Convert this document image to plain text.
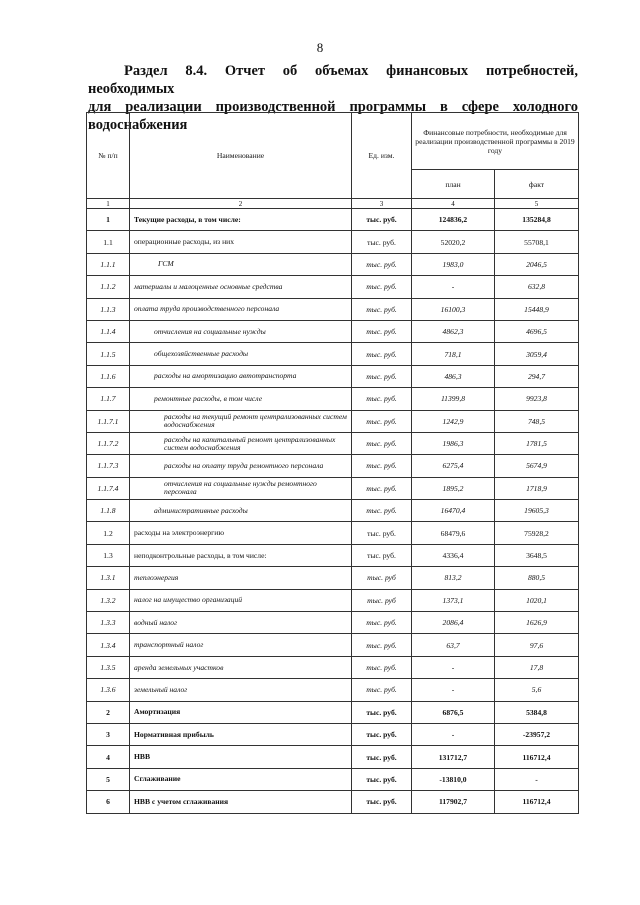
8
Раздел 8.4. Отчет об объемах финансовых потребностей, необходимых
для реализации производственной программы в сфере холодного
водоснабжения
№ п/п	Наименование	Ед. изм.	Финансовые потребности, необходимые для реализации производственной программы в 2019 году	
			план	факт
1	2	3	4	5
1	Текущие расходы, в том числе:	тыс. руб.	124836,2	135284,8
1.1	операционные расходы, из них	тыс. руб.	52020,2	55708,1
1.1.1	ГСМ	тыс. руб.	1983,0	2046,5
1.1.2	материалы и малоценные основные средства	тыс. руб.	-	632,8
1.1.3	оплата труда производственного персонала	тыс. руб.	16100,3	15448,9
1.1.4	отчисления на социальные нужды	тыс. руб.	4862,3	4696,5
1.1.5	общехозяйственные расходы	тыс. руб.	718,1	3059,4
1.1.6	расходы на амортизацию автотранспорта	тыс. руб.	486,3	294,7
1.1.7	ремонтные расходы, в том числе	тыс. руб.	11399,8	9923,8
1.1.7.1	расходы на текущий ремонт централизованных систем водоснабжения	тыс. руб.	1242,9	748,5
1.1.7.2	расходы на капитальный ремонт централизованных систем водоснабжения	тыс. руб.	1986,3	1781,5
1.1.7.3	расходы на оплату труда ремонтного персонала	тыс. руб.	6275,4	5674,9
1.1.7.4	отчисления на социальные нужды ремонтного персонала	тыс. руб.	1895,2	1718,9
1.1.8	административные расходы	тыс. руб.	16470,4	19605,3
1.2	расходы на электроэнергию	тыс. руб.	68479,6	75928,2
1.3	неподконтрольные расходы, в том числе:	тыс. руб.	4336,4	3648,5
1.3.1	теплоэнергия	тыс. руб	813,2	880,5
1.3.2	налог на имущество организаций	тыс. руб	1373,1	1020,1
1.3.3	водный налог	тыс. руб.	2086,4	1626,9
1.3.4	транспортный налог	тыс. руб.	63,7	97,6
1.3.5	аренда земельных участков	тыс. руб.	-	17,8
1.3.6	земельный налог	тыс. руб.	-	5,6
2	Амортизация	тыс. руб.	6876,5	5384,8
3	Нормативная прибыль	тыс. руб.	-	-23957,2
4	НВВ	тыс. руб.	131712,7	116712,4
5	Сглаживание	тыс. руб.	-13810,0	-
6	НВВ с учетом сглаживания	тыс. руб.	117902,7	116712,4
